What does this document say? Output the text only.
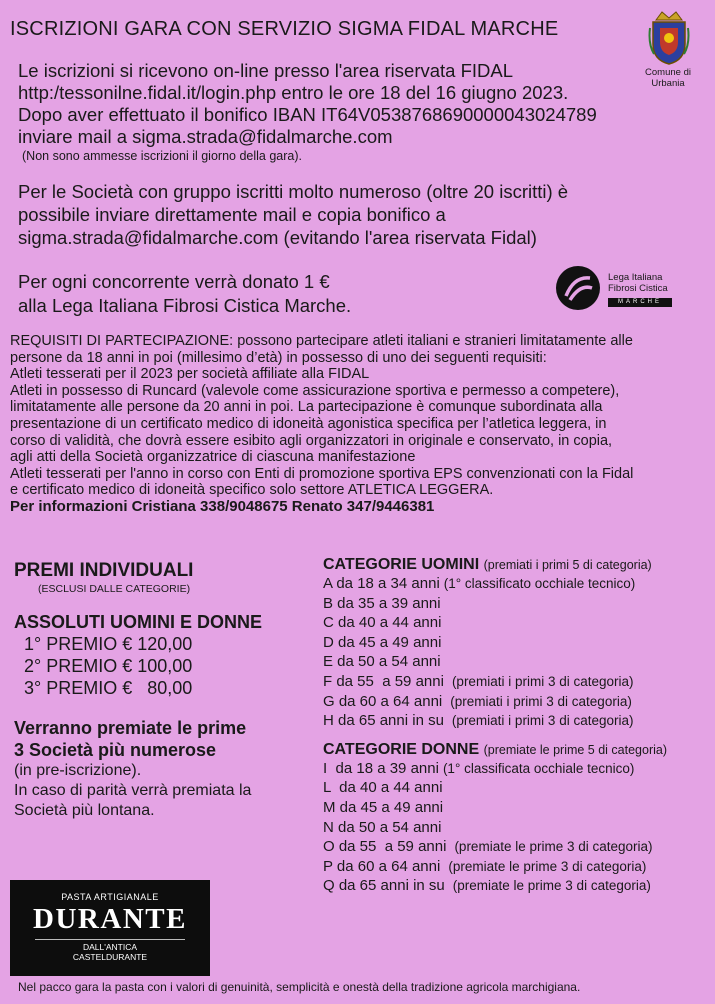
ISCRIZIONI GARA CON SERVIZIO SIGMA FIDAL MARCHE
Comune di Urbania
Le iscrizioni si ricevono on-line presso l'area riservata FIDAL
http:/tessonilne.fidal.it/login.php entro le ore 18 del 16 giugno 2023.
Dopo aver effettuato il bonifico IBAN IT64V0538768690000043024789
inviare mail a sigma.strada@fidalmarche.com
(Non sono ammesse iscrizioni il giorno della gara).
Per le Società con gruppo iscritti molto numeroso (oltre 20 iscritti) è
possibile inviare direttamente mail e copia bonifico a
sigma.strada@fidalmarche.com (evitando l'area riservata Fidal)
Per ogni concorrente verrà donato 1 €
alla Lega Italiana Fibrosi Cistica Marche.
Lega Italiana
Fibrosi Cistica
MARCHE
REQUISITI DI PARTECIPAZIONE: possono partecipare atleti italiani e stranieri limitatamente alle
persone da 18 anni in poi (millesimo d’età) in possesso di uno dei seguenti requisiti:
Atleti tesserati per il 2023 per società affiliate alla FIDAL
Atleti in possesso di Runcard (valevole come assicurazione sportiva e permesso a competere),
limitatamente alle persone da 20 anni in poi. La partecipazione è comunque subordinata alla
presentazione di un certificato medico di idoneità agonistica specifica per l’atletica leggera, in
corso di validità, che dovrà essere esibito agli organizzatori in originale e conservato, in copia,
agli atti della Società organizzatrice di ciascuna manifestazione
Atleti tesserati per l'anno in corso con Enti di promozione sportiva EPS convenzionati con la Fidal
e certificato medico di idoneità specifico solo settore ATLETICA LEGGERA.
Per informazioni Cristiana 338/9048675 Renato 347/9446381
PREMI INDIVIDUALI
(ESCLUSI DALLE CATEGORIE)
ASSOLUTI UOMINI E DONNE
1° PREMIO € 120,00
2° PREMIO € 100,00
3° PREMIO €   80,00
Verranno premiate le prime
3 Società più numerose
(in pre-iscrizione).
In caso di parità verrà premiata la
Società più lontana.
CATEGORIE UOMINI (premiati i primi 5 di categoria)
A da 18 a 34 anni (1° classificato occhiale tecnico)
B da 35 a 39 anni
C da 40 a 44 anni
D da 45 a 49 anni
E da 50 a 54 anni
F da 55  a 59 anni (premiati i primi 3 di categoria)
G da 60 a 64 anni (premiati i primi 3 di categoria)
H da 65 anni in su (premiati i primi 3 di categoria)
CATEGORIE DONNE (premiate le prime 5 di categoria)
I  da 18 a 39 anni (1° classificata occhiale tecnico)
L  da 40 a 44 anni
M da 45 a 49 anni
N da 50 a 54 anni
O da 55  a 59 anni (premiate le prime 3 di categoria)
P da 60 a 64 anni (premiate le prime 3 di categoria)
Q da 65 anni in su (premiate le prime 3 di categoria)
PASTA ARTIGIANALE
DURANTE
DALL'ANTICA
CASTELDURANTE
Nel pacco gara la pasta con i valori di genuinità, semplicità e onestà della tradizione agricola marchigiana.
